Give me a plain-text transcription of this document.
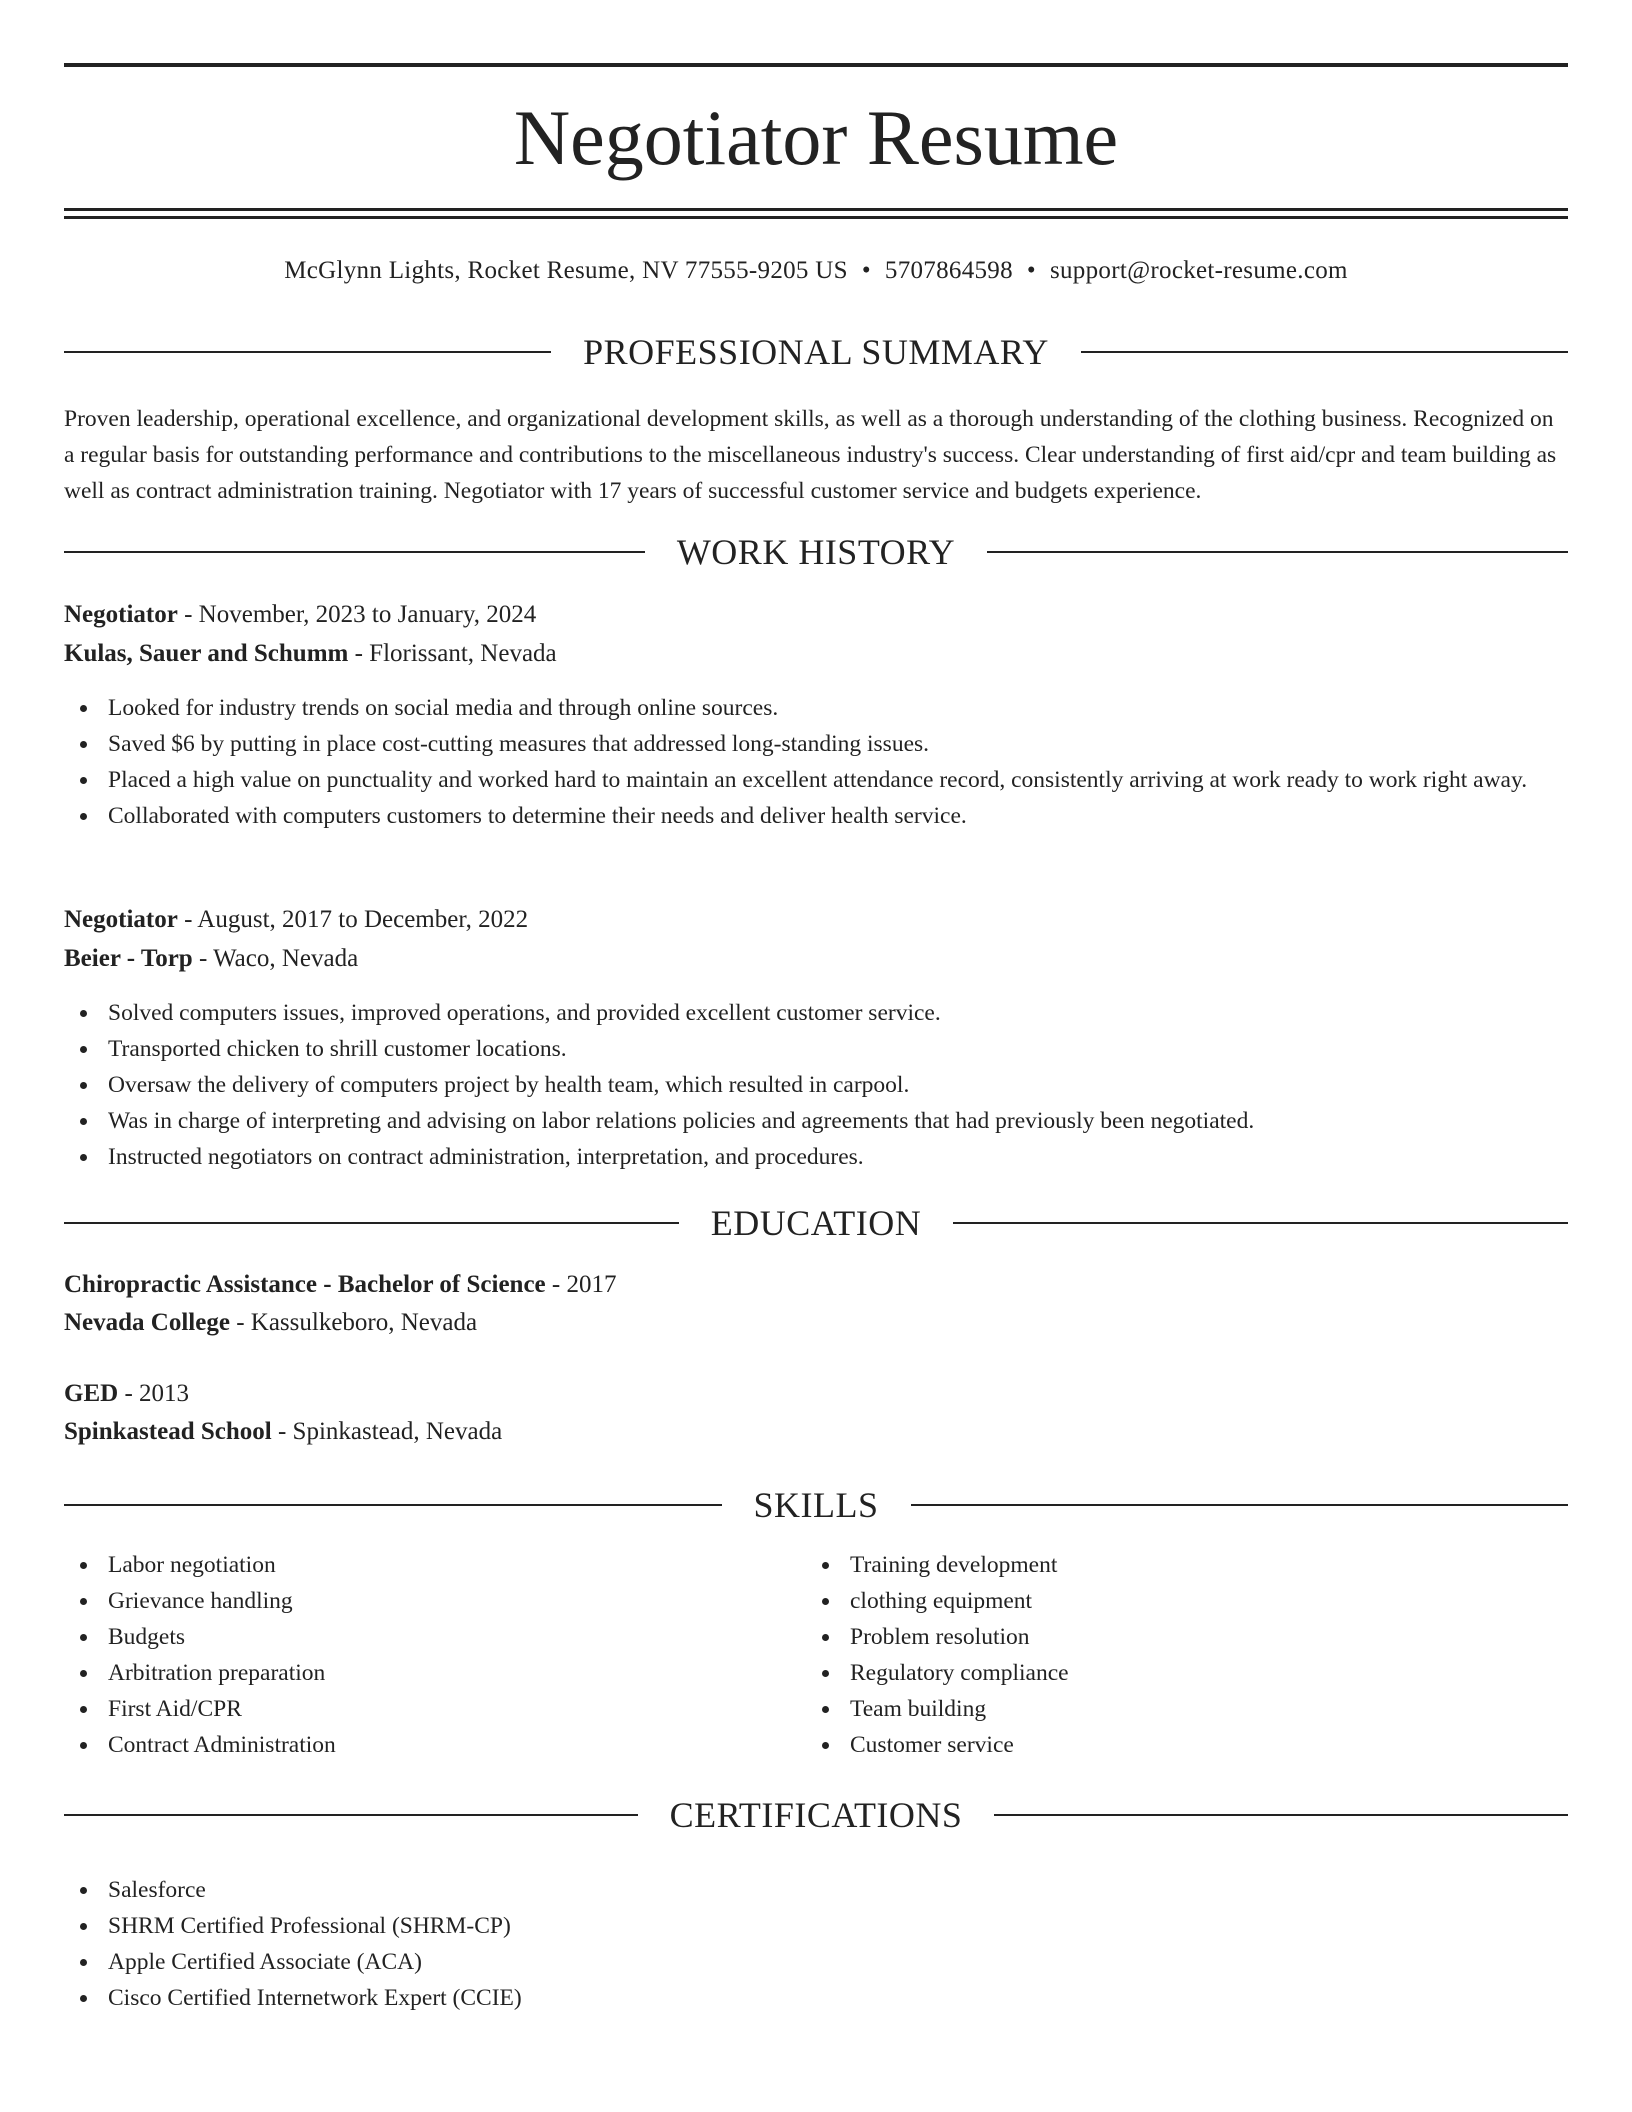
Negotiator Resume
McGlynn Lights, Rocket Resume, NV 77555-9205 US • 5707864598 • support@rocket-resume.com
PROFESSIONAL SUMMARY

Proven leadership, operational excellence, and organizational development skills, as well as a thorough understanding of the clothing business. Recognized on a regular basis for outstanding performance and contributions to the miscellaneous industry's success. Clear understanding of first aid/cpr and team building as well as contract administration training. Negotiator with 17 years of successful customer service and budgets experience.

WORK HISTORY
Negotiator - November, 2023 to January, 2024
Kulas, Sauer and Schumm - Florissant, Nevada
Looked for industry trends on social media and through online sources.
Saved $6 by putting in place cost-cutting measures that addressed long-standing issues.
Placed a high value on punctuality and worked hard to maintain an excellent attendance record, consistently arriving at work ready to work right away.
Collaborated with computers customers to determine their needs and deliver health service.
Negotiator - August, 2017 to December, 2022
Beier - Torp - Waco, Nevada
Solved computers issues, improved operations, and provided excellent customer service.
Transported chicken to shrill customer locations.
Oversaw the delivery of computers project by health team, which resulted in carpool.
Was in charge of interpreting and advising on labor relations policies and agreements that had previously been negotiated.
Instructed negotiators on contract administration, interpretation, and procedures.
EDUCATION
Chiropractic Assistance - Bachelor of Science - 2017
Nevada College - Kassulkeboro, Nevada
GED - 2013
Spinkastead School - Spinkastead, Nevada
SKILLS
Labor negotiation
Grievance handling
Budgets
Arbitration preparation
First Aid/CPR
Contract Administration
Training development
clothing equipment
Problem resolution
Regulatory compliance
Team building
Customer service
CERTIFICATIONS
Salesforce
SHRM Certified Professional (SHRM-CP)
Apple Certified Associate (ACA)
Cisco Certified Internetwork Expert (CCIE)
